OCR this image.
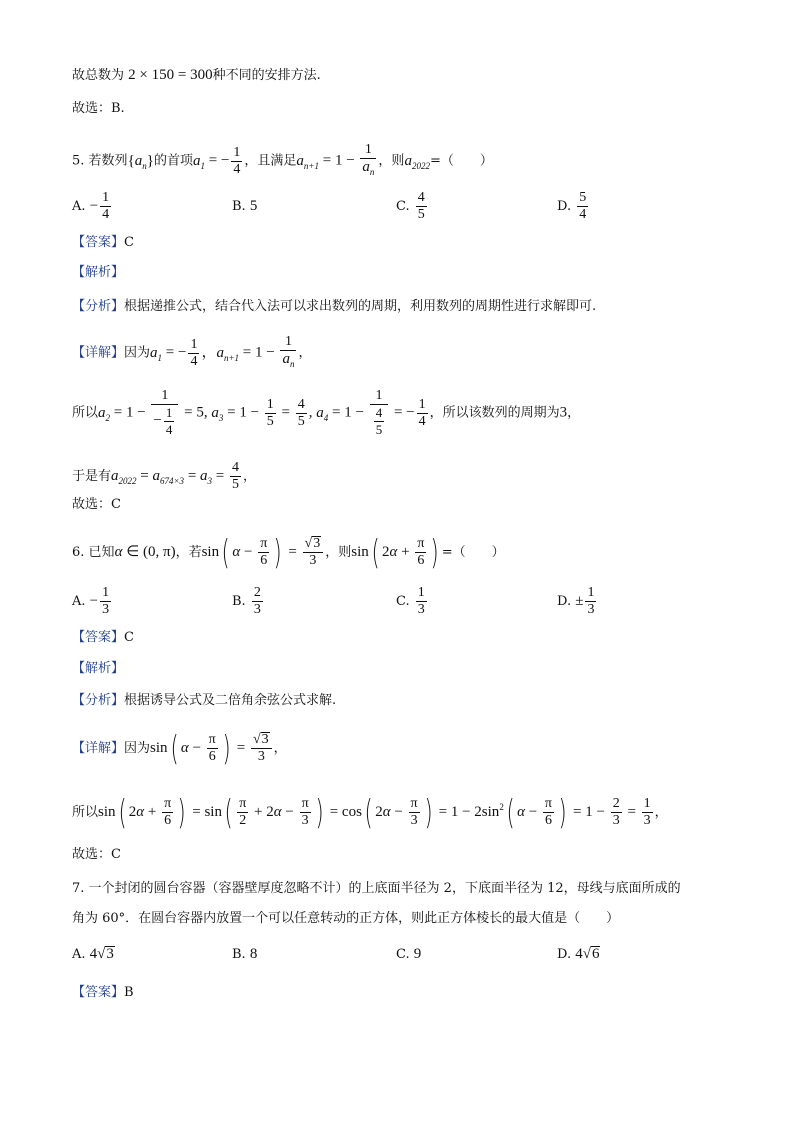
故总数为 2 × 150 = 300种不同的安排方法.
故选：B.
5. 若数列$\{a_n\}$的首项$a_1$ = − $\frac{1}{4}$ ，且满足$a_{n+1} = 1 - \frac{1}{a_n}$ ，则$a_{2022}=$（　　）
A. − $\frac{1}{4}$	B. 5	C. $\frac{4}{5}$	D. $\frac{5}{4}$
【答案】C
【解析】
【分析】根据递推公式，结合代入法可以求出数列的周期，利用数列的周期性进行求解即可.
【详解】因为$a_1$ = − $\frac{1}{4}$ ，$a_{n+1} = 1 - \frac{1}{a_n}$ ，
所以$a_2 = 1 - \frac{1}{- \frac{1}{4}} = 5$, $a_3 = 1 - \frac{1}{5} = \frac{4}{5}$ , $a_4 = 1 - \frac{1}{\frac{4}{5}}$ = − $\frac{1}{4}$ ，所以该数列的周期为3，
于是有$a_{2022} = a_{674\times 3} = a_3 = \frac{4}{5}$ ，
故选：C
6. 已知α ∈ (0, π)，若sin( $\alpha - \frac{\pi}{6}$ ) = $\frac{√3}{3}$ ，则sin( $2\alpha + \frac{\pi}{6}$ ) =（　　）
A. − $\frac{1}{3}$	B. $\frac{2}{3}$	C. $\frac{1}{3}$	D. ± $\frac{1}{3}$
【答案】C
【解析】
【分析】根据诱导公式及二倍角余弦公式求解.
【详解】因为sin( $\alpha - \frac{\pi}{6}$ ) = $\frac{√3}{3}$ ，
所以sin( $2\alpha + \frac{\pi}{6}$ ) = $\sin( \frac{\pi}{2} + 2\alpha - \frac{\pi}{3}$ ) = cos( $2\alpha - \frac{\pi}{3}$ ) = $1 - 2\sin^2$( $\alpha - \frac{\pi}{6}$ ) = $1 - \frac{2}{3} = \frac{1}{3}$ ，
故选：C
7. 一个封闭的圆台容器（容器壁厚度忽略不计）的上底面半径为 2，下底面半径为 12，母线与底面所成的
角为 60°．在圆台容器内放置一个可以任意转动的正方体，则此正方体棱长的最大值是（　　）
A. 4√3	B. 8	C. 9	D. 4√6
【答案】B
